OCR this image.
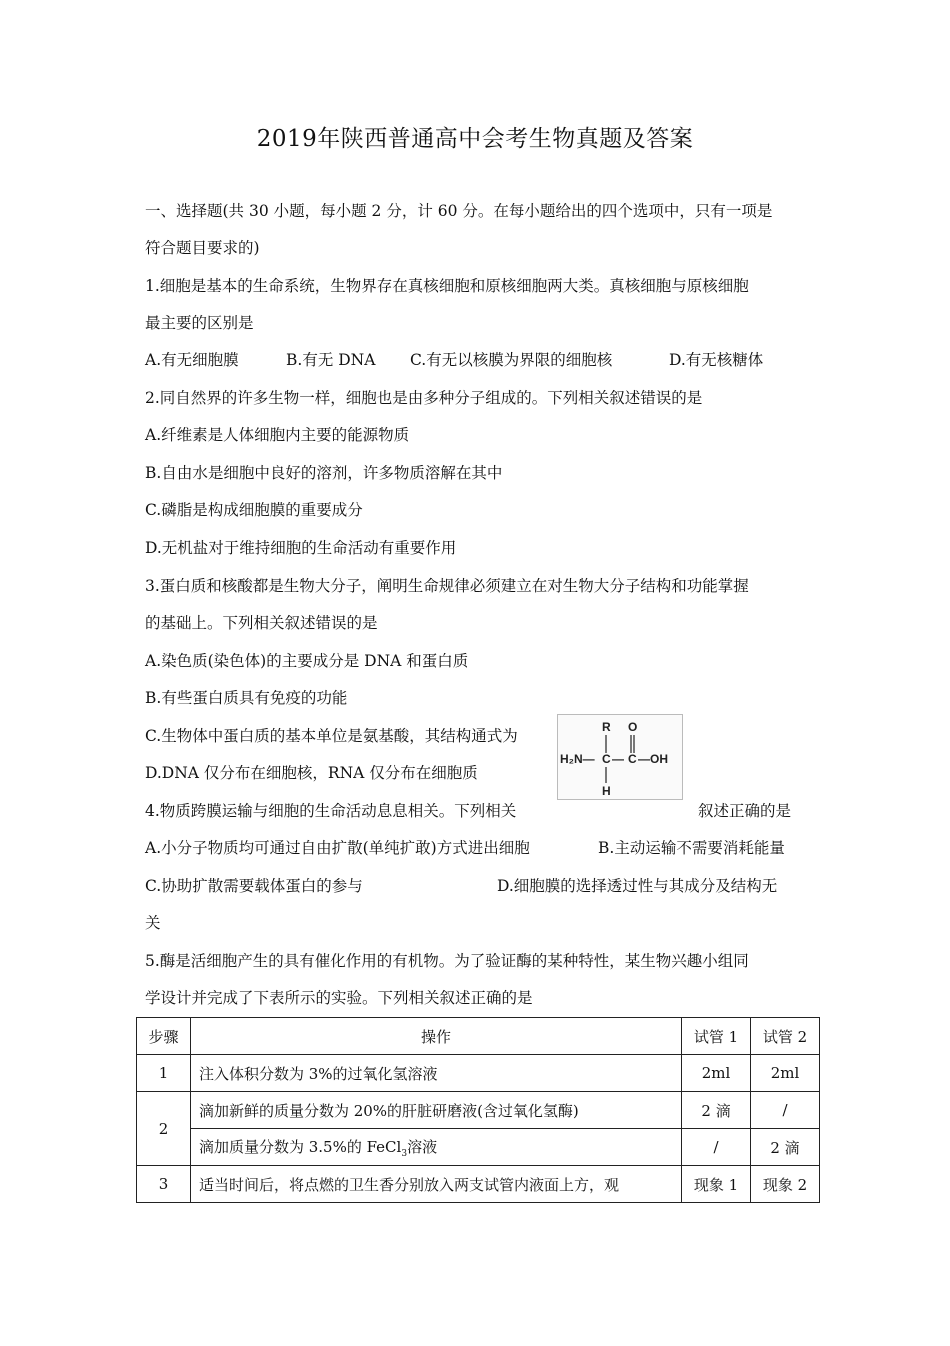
2019年陕西普通高中会考生物真题及答案
一、选择题(共 30 小题，每小题 2 分，计 60 分。在每小题给出的四个选项中，只有一项是
符合题目要求的)
1.细胞是基本的生命系统，生物界存在真核细胞和原核细胞两大类。真核细胞与原核细胞
最主要的区别是
A.有无细胞膜	B.有无 DNA C.有无以核膜为界限的细胞核	D.有无核糖体
2.同自然界的许多生物一样，细胞也是由多种分子组成的。下列相关叙述错误的是
A.纤维素是人体细胞内主要的能源物质
B.自由水是细胞中良好的溶剂，许多物质溶解在其中
C.磷脂是构成细胞膜的重要成分
D.无机盐对于维持细胞的生命活动有重要作用
3.蛋白质和核酸都是生物大分子，阐明生命规律必须建立在对生物大分子结构和功能掌握
的基础上。下列相关叙述错误的是
A.染色质(染色体)的主要成分是 DNA 和蛋白质
B.有些蛋白质具有免疫的功能
C.生物体中蛋白质的基本单位是氨基酸，其结构通式为
D.DNA 仅分布在细胞核，RNA 仅分布在细胞质
R O
H₂N— C — C —OH
H
4.物质跨膜运输与细胞的生命活动息息相关。下列相关	叙述正确的是
A.小分子物质均可通过自由扩散(单纯扩敢)方式进出细胞	B.主动运输不需要消耗能量
C.协助扩散需要载体蛋白的参与	D.细胞膜的选择透过性与其成分及结构无
关
5.酶是活细胞产生的具有催化作用的有机物。为了验证酶的某种特性，某生物兴趣小组同
学设计并完成了下表所示的实验。下列相关叙述正确的是
步骤	操作	试管 1	试管 2
1	注入体积分数为 3%的过氧化氢溶液	2ml	2ml
2	滴加新鲜的质量分数为 20%的肝脏研磨液(含过氧化氢酶)	2 滴	/
	滴加质量分数为 3.5%的 FeCl$_3$溶液	/	2 滴
3	适当时间后，将点燃的卫生香分别放入两支试管内液面上方，观	现象 1	现象 2
